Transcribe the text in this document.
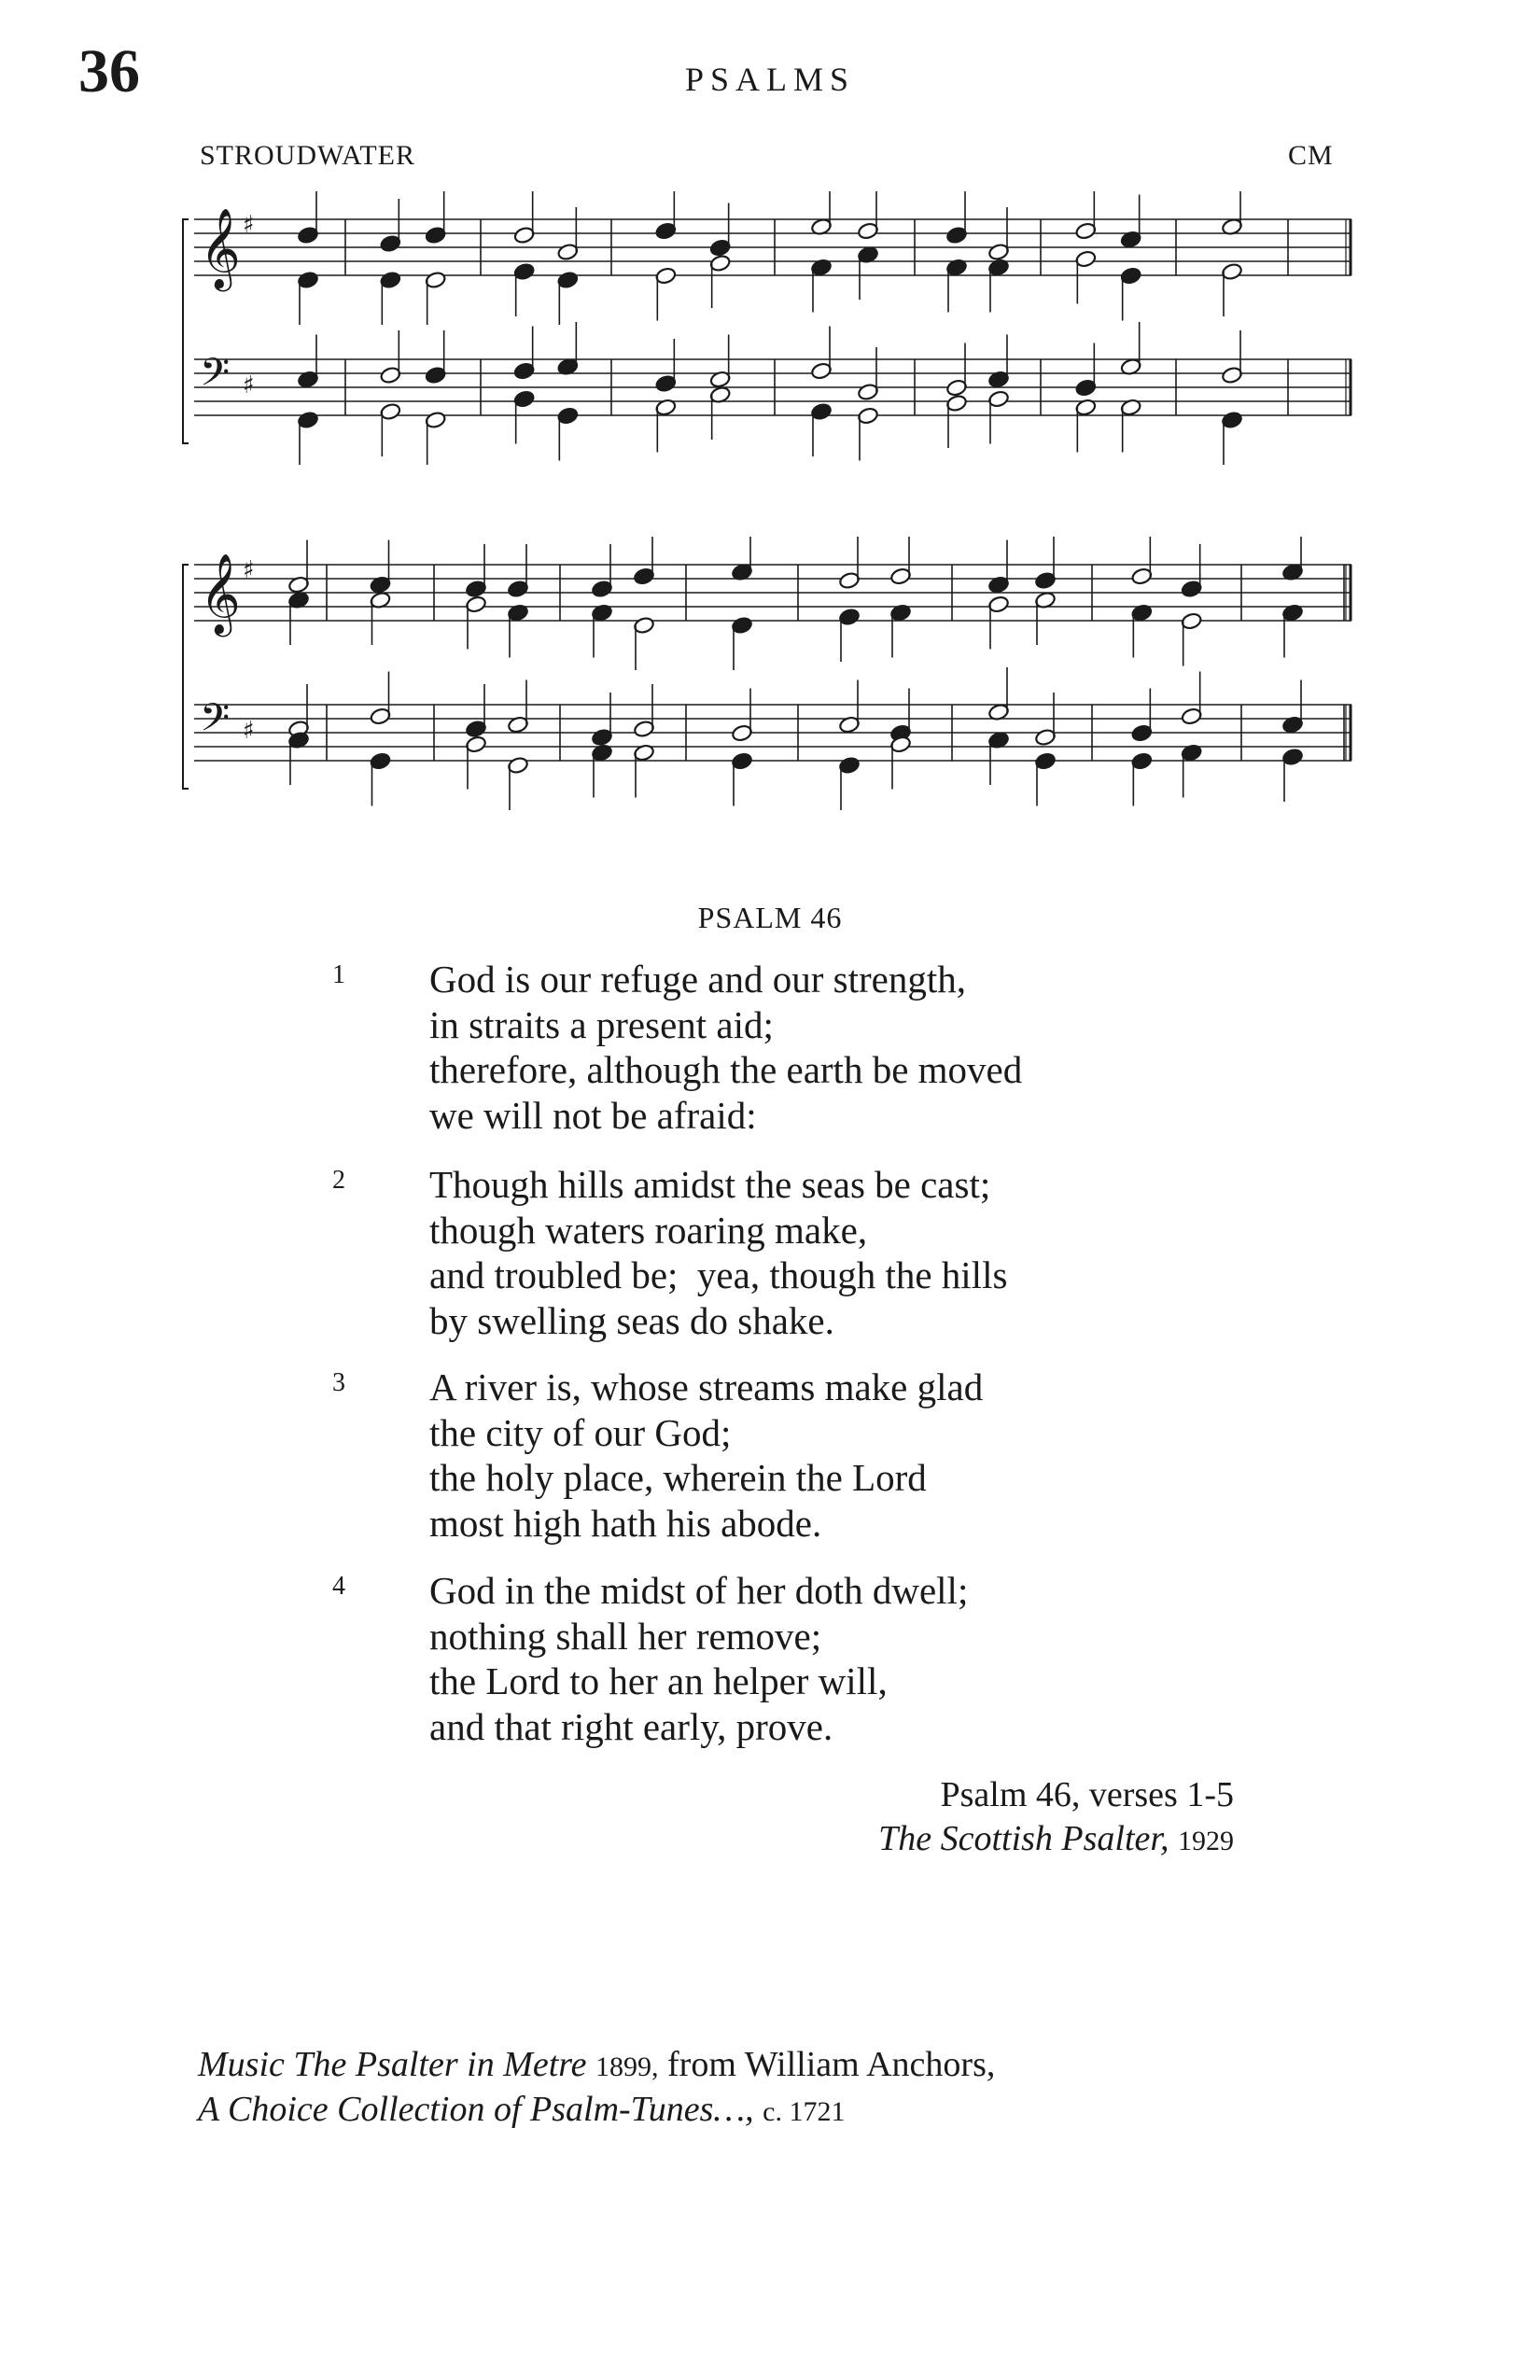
36	PSALMS
STROUDWATER	CM
𝄞 ♯
𝄢 ♯
𝄞 ♯
𝄢 ♯
PSALM 46
1 God is our refuge and our strength,
in straits a present aid;
therefore, although the earth be moved
we will not be afraid:
2 Though hills amidst the seas be cast;
though waters roaring make,
and troubled be;  yea, though the hills
by swelling seas do shake.
3 A river is, whose streams make glad
the city of our God;
the holy place, wherein the Lord
most high hath his abode.
4 God in the midst of her doth dwell;
nothing shall her remove;
the Lord to her an helper will,
and that right early, prove.
Psalm 46, verses 1-5
The Scottish Psalter, 1929
Music The Psalter in Metre 1899, from William Anchors,
A Choice Collection of Psalm-Tunes…, c. 1721
